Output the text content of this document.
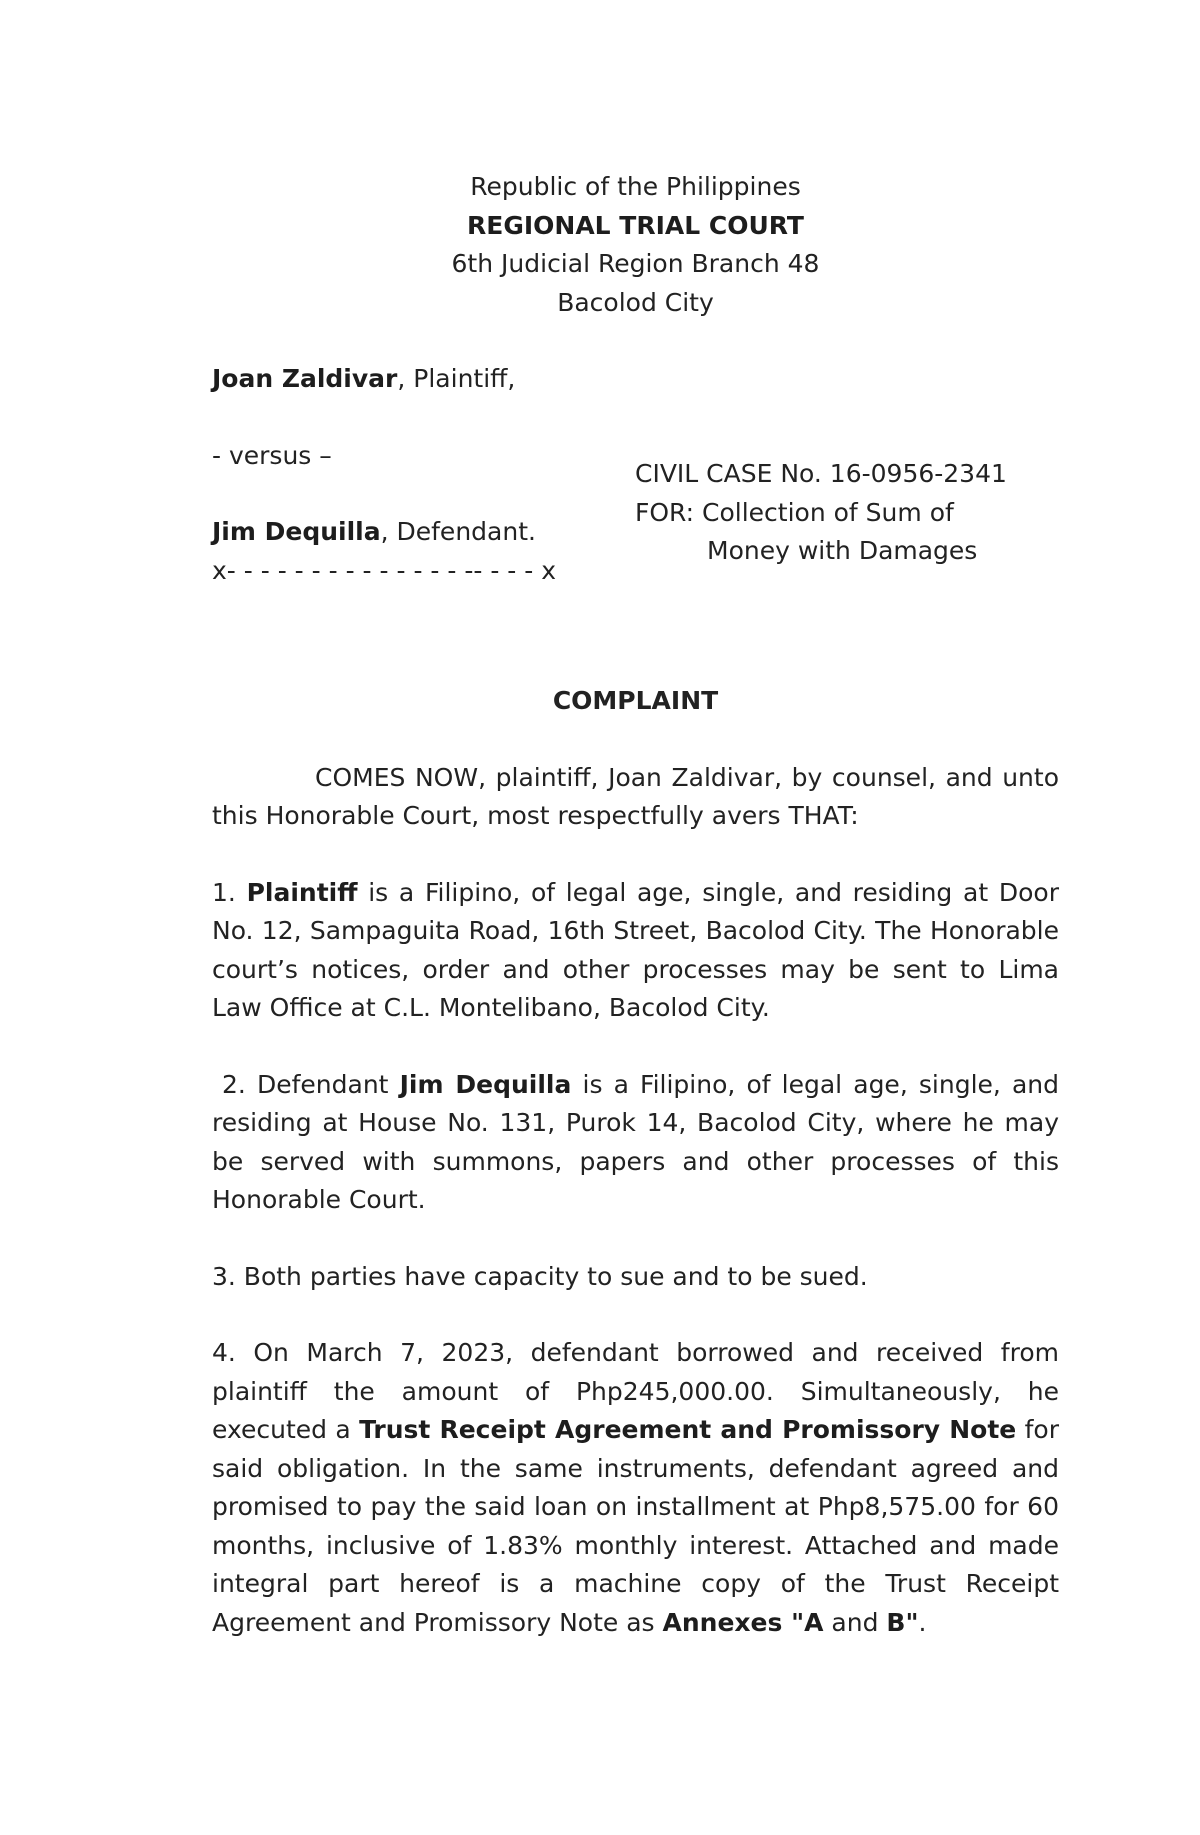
Republic of the Philippines
REGIONAL TRIAL COURT
6th Judicial Region Branch 48
Bacolod City
Joan Zaldivar, Plaintiff,
- versus –
Jim Dequilla, Defendant.
x- - - - - - - - - - - - - - -- - - - x
CIVIL CASE No. 16-0956-2341
FOR: Collection of Sum of
Money with Damages
COMPLAINT

COMES NOW, plaintiff, Joan Zaldivar, by counsel, and unto this Honorable Court, most respectfully avers THAT:

1. Plaintiff is a Filipino, of legal age, single, and residing at Door No. 12, Sampaguita Road, 16th Street, Bacolod City. The Honorable court’s notices, order and other processes may be sent to Lima Law Office at C.L. Montelibano, Bacolod City.

2. Defendant Jim Dequilla is a Filipino, of legal age, single, and residing at House No. 131, Purok 14, Bacolod City, where he may be served with summons, papers and other processes of this Honorable Court.

3. Both parties have capacity to sue and to be sued.

4. On March 7, 2023, defendant borrowed and received from plaintiff the amount of Php245,000.00. Simultaneously, he executed a Trust Receipt Agreement and Promissory Note for said obligation. In the same instruments, defendant agreed and promised to pay the said loan on installment at Php8,575.00 for 60 months, inclusive of 1.83% monthly interest. Attached and made integral part hereof is a machine copy of the Trust Receipt Agreement and Promissory Note as Annexes "A and B".
